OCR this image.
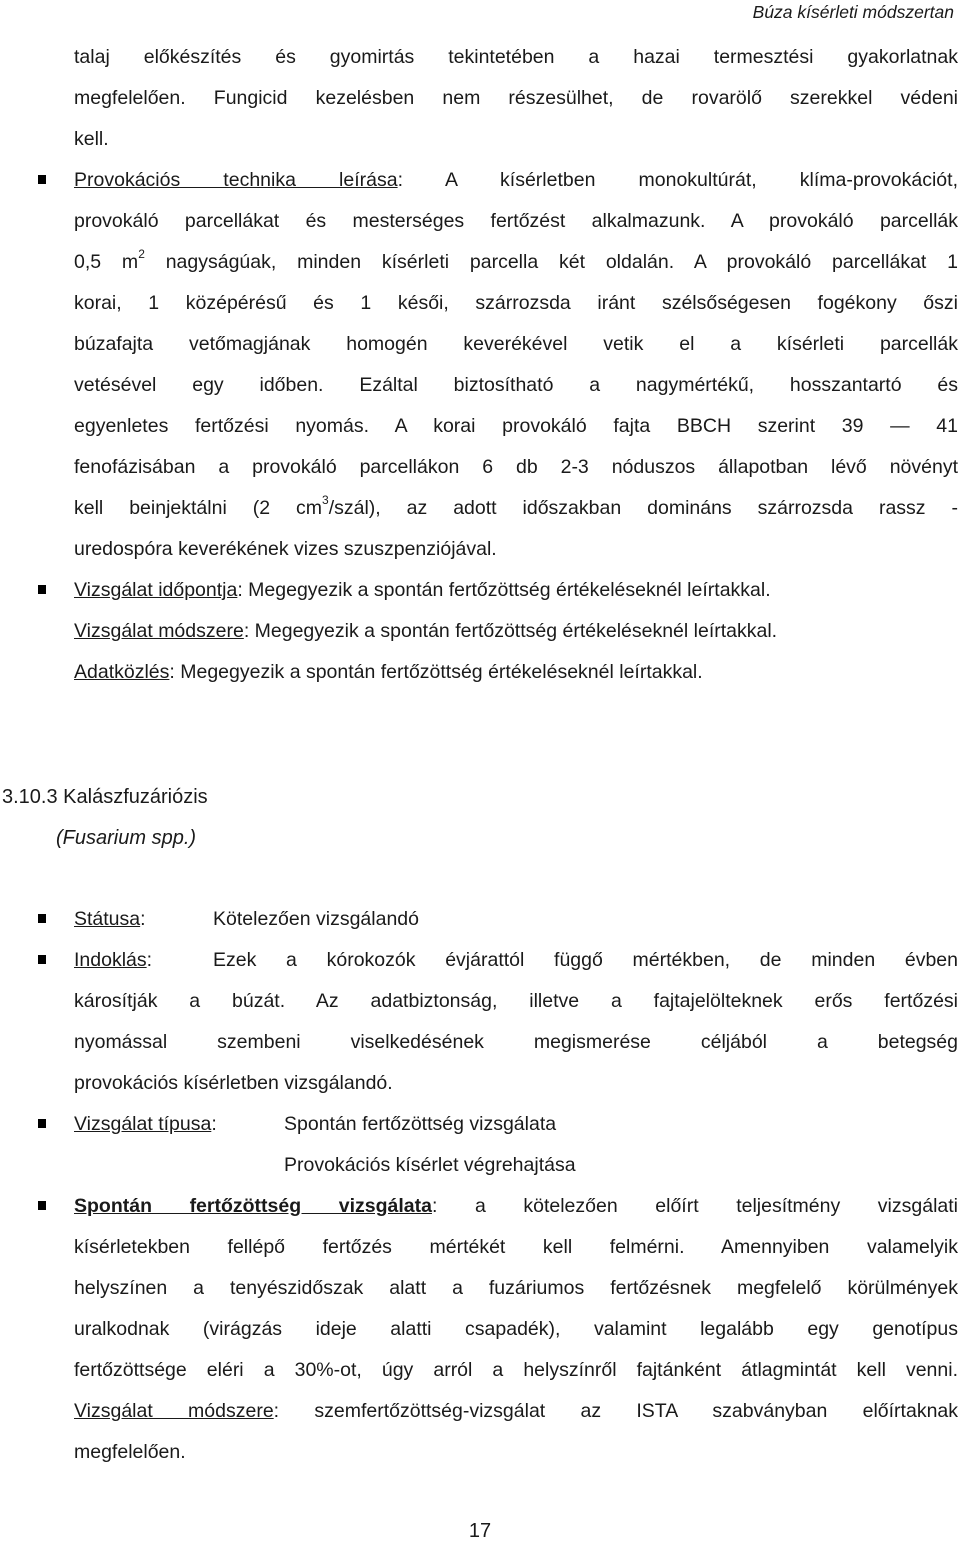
Búza kísérleti módszertan
talaj előkészítés és gyomirtás tekintetében a hazai termesztési gyakorlatnak
megfelelően. Fungicid kezelésben nem részesülhet, de rovarölő szerekkel védeni
kell.
Provokációs technika leírása: A kísérletben monokultúrát, klíma-provokációt,
provokáló parcellákat és mesterséges fertőzést alkalmazunk. A provokáló parcellák
0,5 $m^2$ nagyságúak, minden kísérleti parcella két oldalán. A provokáló parcellákat 1
korai, 1 középérésű és 1 késői, szárrozsda iránt szélsőségesen fogékony őszi
búzafajta vetőmagjának homogén keverékével vetik el a kísérleti parcellák
vetésével egy időben. Ezáltal biztosítható a nagymértékű, hosszantartó és
egyenletes fertőzési nyomás. A korai provokáló fajta BBCH szerint 39 — 41
fenofázisában a provokáló parcellákon 6 db 2-3 nóduszos állapotban lévő növényt
kell beinjektálni (2 $cm^3/szál$), az adott időszakban domináns szárrozsda rassz -
uredospóra keverékének vizes szuszpenziójával.
Vizsgálat időpontja: Megegyezik a spontán fertőzöttség értékeléseknél leírtakkal.
Vizsgálat módszere: Megegyezik a spontán fertőzöttség értékeléseknél leírtakkal.
Adatközlés: Megegyezik a spontán fertőzöttség értékeléseknél leírtakkal.
3.10.3 Kalászfuzáriózis
(Fusarium spp.)
Státusa:	Kötelezően vizsgálandó
Indoklás:	Ezek a kórokozók évjárattól függő mértékben, de minden évben
károsítják a búzát. Az adatbiztonság, illetve a fajtajelölteknek erős fertőzési
nyomással szembeni viselkedésének megismerése céljából a betegség
provokációs kísérletben vizsgálandó.
Vizsgálat típusa:	Spontán fertőzöttség vizsgálata
Provokációs kísérlet végrehajtása
Spontán fertőzöttség vizsgálata: a kötelezően előírt teljesítmény vizsgálati
kísérletekben fellépő fertőzés mértékét kell felmérni. Amennyiben valamelyik
helyszínen a tenyészidőszak alatt a fuzáriumos fertőzésnek megfelelő körülmények
uralkodnak (virágzás ideje alatti csapadék), valamint legalább egy genotípus
fertőzöttsége eléri a 30%-ot, úgy arról a helyszínről fajtánként átlagmintát kell venni.
Vizsgálat módszere: szemfertőzöttség-vizsgálat az ISTA szabványban előírtaknak
megfelelően.
17
